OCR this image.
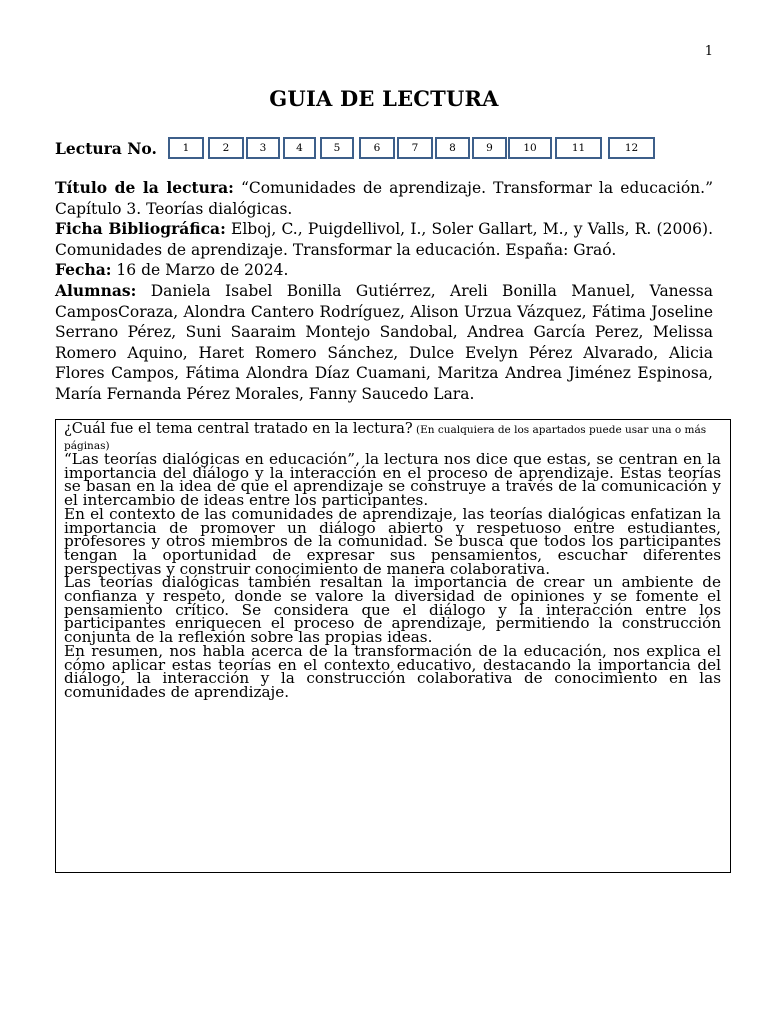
1
GUIA DE LECTURA
Lectura No.	1	2	3	4	5	6	7	8	9	10	11	12

Título de la lectura: “Comunidades de aprendizaje. Transformar la educación.” Capítulo 3. Teorías dialógicas.

Ficha Bibliográfica: Elboj, C., Puigdellivol, I., Soler Gallart, M., y Valls, R. (2006). Comunidades de aprendizaje. Transformar la educación. España: Graó.

Fecha: 16 de Marzo de 2024.

Alumnas: Daniela Isabel Bonilla Gutiérrez, Areli Bonilla Manuel, Vanessa CamposCoraza, Alondra Cantero Rodríguez, Alison Urzua Vázquez, Fátima Joseline Serrano Pérez, Suni Saaraim Montejo Sandobal, Andrea García Perez, Melissa Romero Aquino, Haret Romero Sánchez, Dulce Evelyn Pérez Alvarado, Alicia Flores Campos, Fátima Alondra Díaz Cuamani, Maritza Andrea Jiménez Espinosa, María Fernanda Pérez Morales, Fanny Saucedo Lara.

¿Cuál fue el tema central tratado en la lectura? (En cualquiera de los apartados puede usar una o más páginas)

“Las teorías dialógicas en educación”, la lectura nos dice que estas, se centran en la importancia del diálogo y la interacción en el proceso de aprendizaje. Estas teorías se basan en la idea de que el aprendizaje se construye a través de la comunicación y el intercambio de ideas entre los participantes.

En el contexto de las comunidades de aprendizaje, las teorías dialógicas enfatizan la importancia de promover un diálogo abierto y respetuoso entre estudiantes, profesores y otros miembros de la comunidad. Se busca que todos los participantes tengan la oportunidad de expresar sus pensamientos, escuchar diferentes perspectivas y construir conocimiento de manera colaborativa.

Las teorías dialógicas también resaltan la importancia de crear un ambiente de confianza y respeto, donde se valore la diversidad de opiniones y se fomente el pensamiento crítico. Se considera que el diálogo y la interacción entre los participantes enriquecen el proceso de aprendizaje, permitiendo la construcción conjunta de la reflexión sobre las propias ideas.

En resumen, nos habla acerca de la transformación de la educación, nos explica el cómo aplicar estas teorías en el contexto educativo, destacando la importancia del diálogo, la interacción y la construcción colaborativa de conocimiento en las comunidades de aprendizaje.
